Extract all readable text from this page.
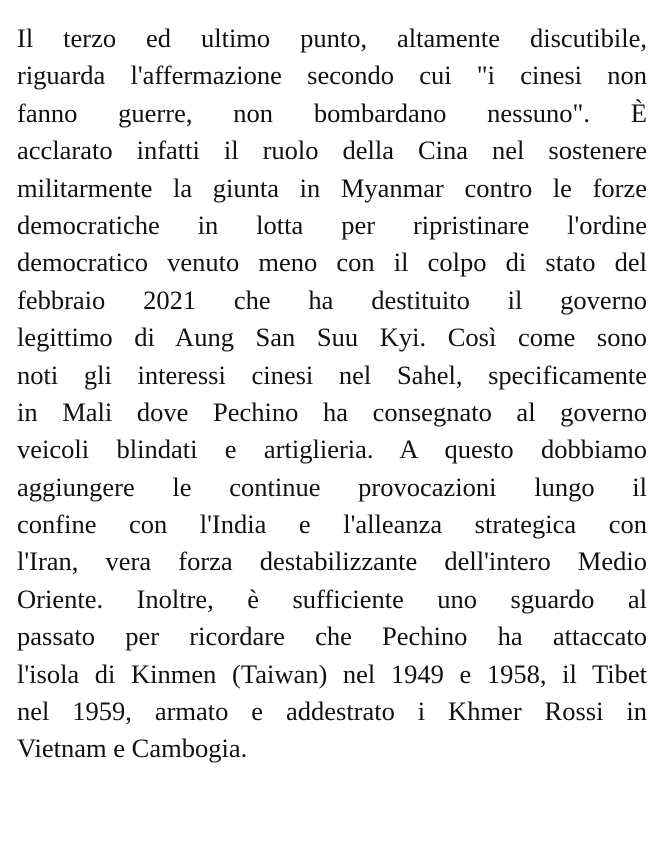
Il terzo ed ultimo punto, altamente discutibile,
riguarda l'affermazione secondo cui "i cinesi non
fanno guerre, non bombardano nessuno". È
acclarato infatti il ruolo della Cina nel sostenere
militarmente la giunta in Myanmar contro le forze
democratiche in lotta per ripristinare l'ordine
democratico venuto meno con il colpo di stato del
febbraio 2021 che ha destituito il governo
legittimo di Aung San Suu Kyi. Così come sono
noti gli interessi cinesi nel Sahel, specificamente
in Mali dove Pechino ha consegnato al governo
veicoli blindati e artiglieria. A questo dobbiamo
aggiungere le continue provocazioni lungo il
confine con l'India e l'alleanza strategica con
l'Iran, vera forza destabilizzante dell'intero Medio
Oriente. Inoltre, è sufficiente uno sguardo al
passato per ricordare che Pechino ha attaccato
l'isola di Kinmen (Taiwan) nel 1949 e 1958, il Tibet
nel 1959, armato e addestrato i Khmer Rossi in
Vietnam e Cambogia.
